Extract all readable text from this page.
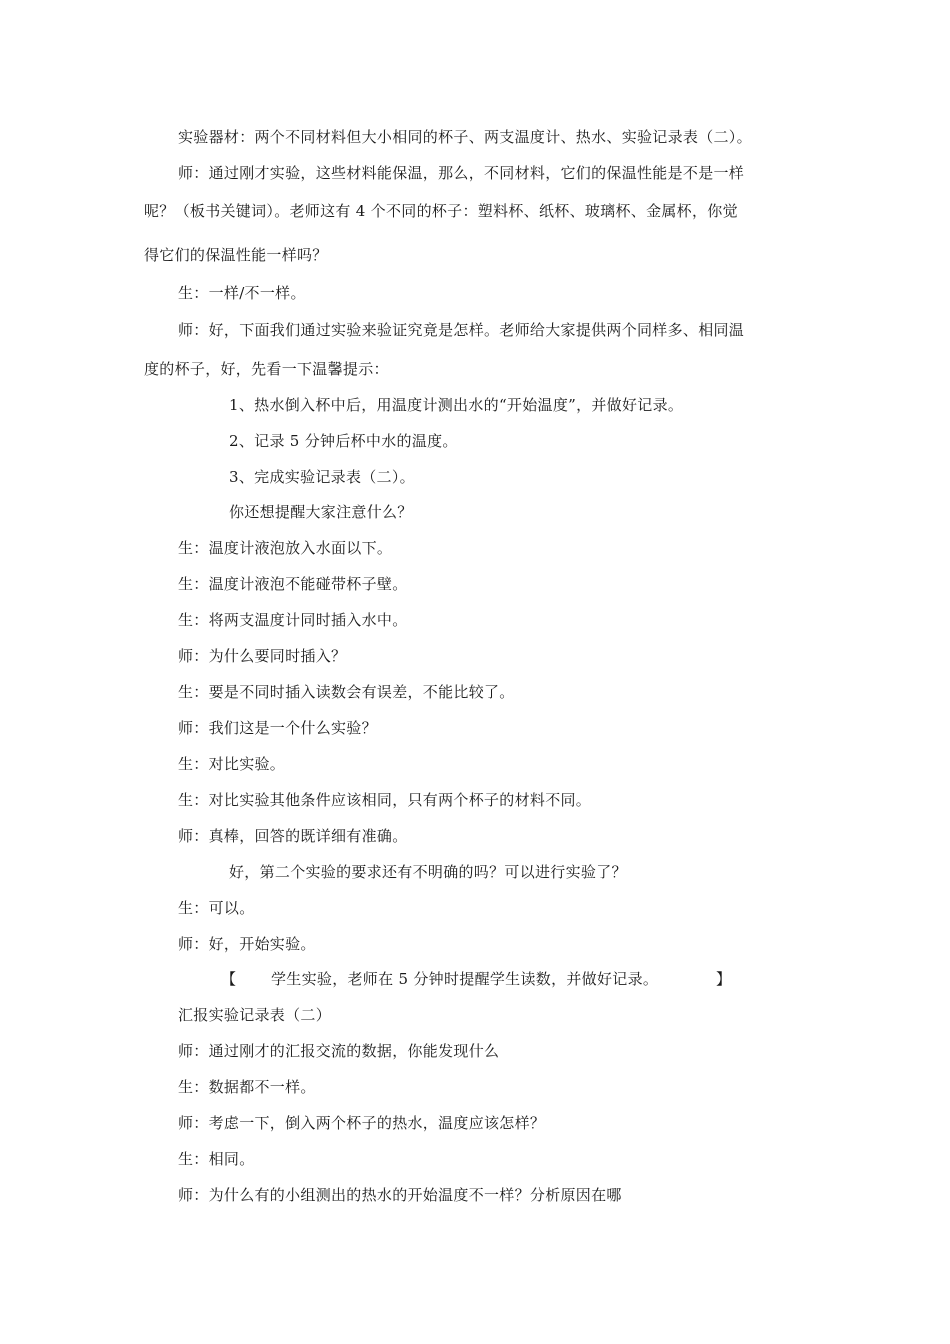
实验器材：两个不同材料但大小相同的杯子、两支温度计、热水、实验记录表（二）。
师：通过刚才实验，这些材料能保温，那么，不同材料，它们的保温性能是不是一样
呢？（板书关键词）。老师这有 4 个不同的杯子：塑料杯、纸杯、玻璃杯、金属杯，你觉
得它们的保温性能一样吗？
生：一样/不一样。
师：好，下面我们通过实验来验证究竟是怎样。老师给大家提供两个同样多、相同温
度的杯子，好，先看一下温馨提示：
1、热水倒入杯中后，用温度计测出水的“开始温度”，并做好记录。
2、记录 5 分钟后杯中水的温度。
3、完成实验记录表（二）。
你还想提醒大家注意什么？
生：温度计液泡放入水面以下。
生：温度计液泡不能碰带杯子壁。
生：将两支温度计同时插入水中。
师：为什么要同时插入？
生：要是不同时插入读数会有误差，不能比较了。
师：我们这是一个什么实验？
生：对比实验。
生：对比实验其他条件应该相同，只有两个杯子的材料不同。
师：真棒，回答的既详细有准确。
好，第二个实验的要求还有不明确的吗？可以进行实验了？
生：可以。
师：好，开始实验。
【 学生实验，老师在 5 分钟时提醒学生读数，并做好记录。	】
汇报实验记录表（二）
师：通过刚才的汇报交流的数据，你能发现什么
生：数据都不一样。
师：考虑一下，倒入两个杯子的热水，温度应该怎样？
生：相同。
师：为什么有的小组测出的热水的开始温度不一样？分析原因在哪
